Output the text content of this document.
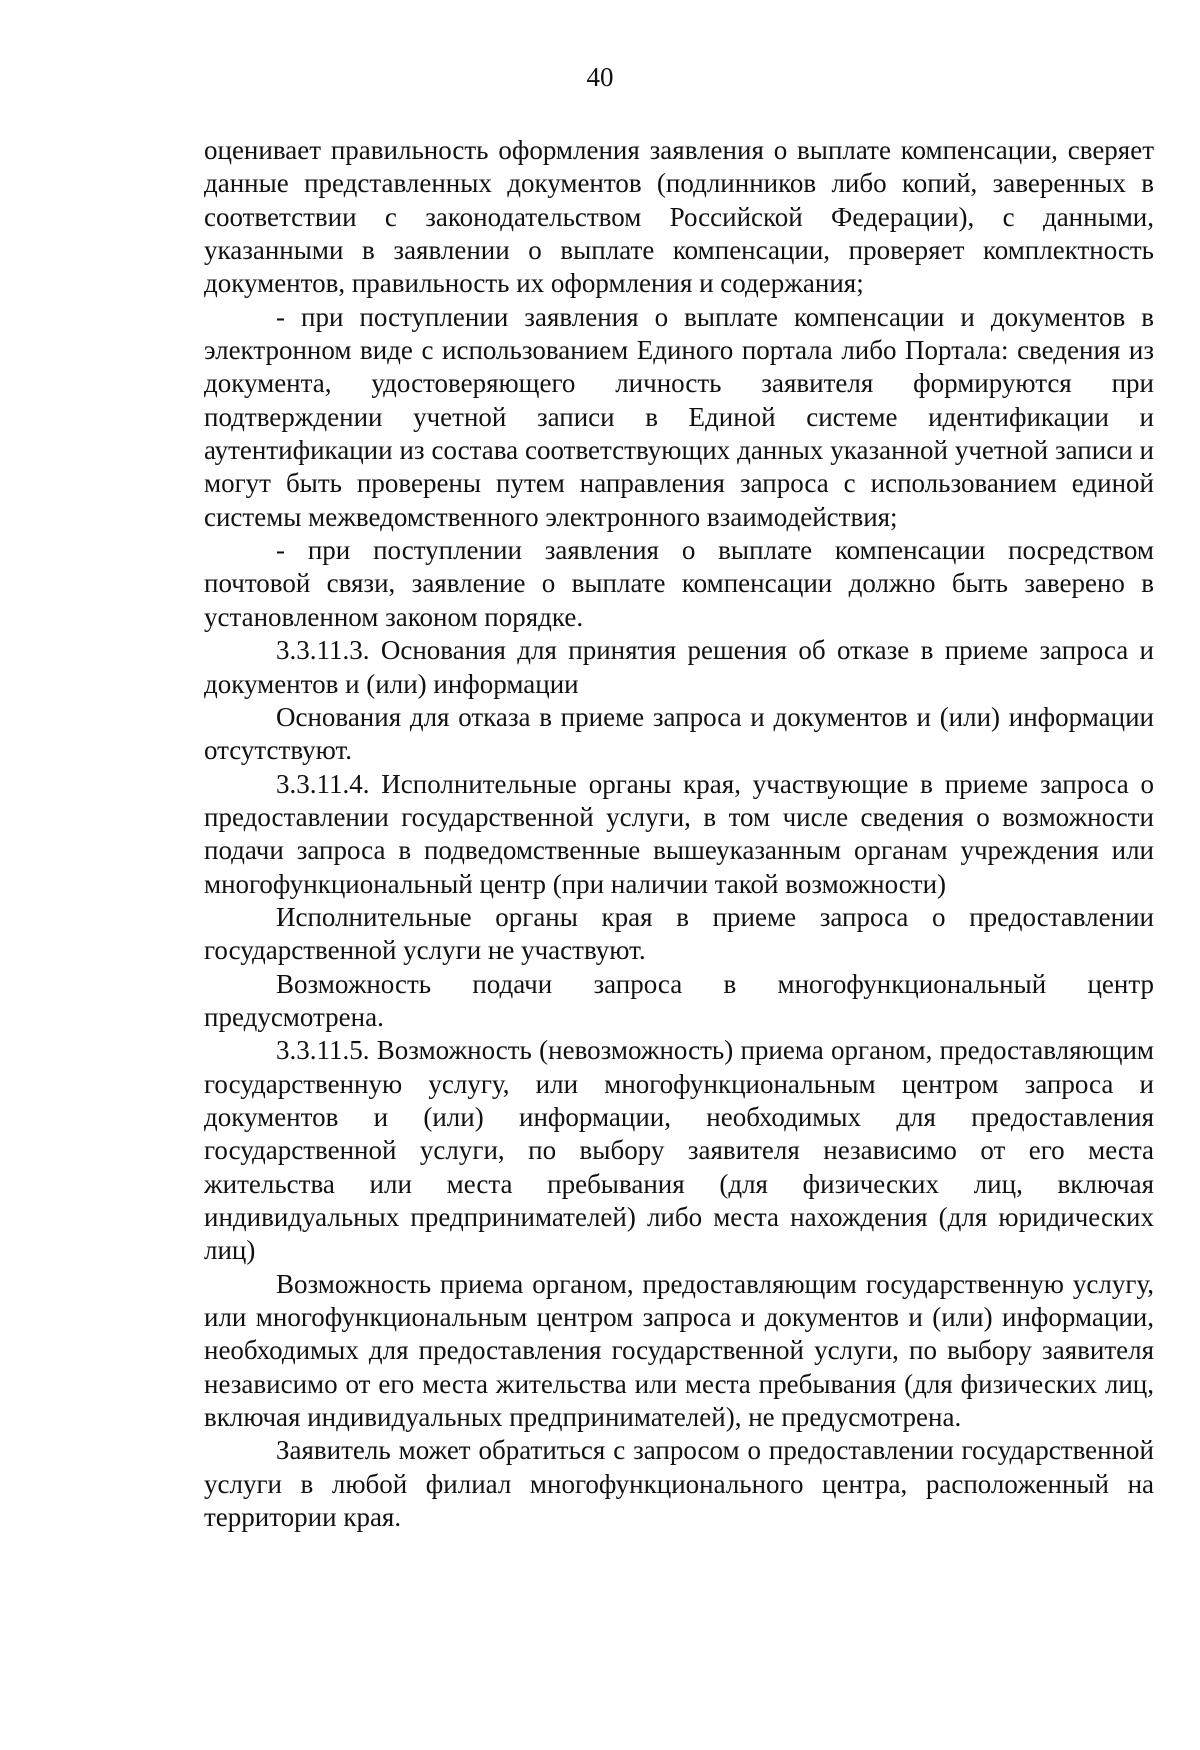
40

оценивает правильность оформления заявления о выплате компенсации, сверяет данные представленных документов (подлинников либо копий, заверенных в соответствии с законодательством Российской Федерации), с данными, указанными в заявлении о выплате компенсации, проверяет комплектность документов, правильность их оформления и содержания;

- при поступлении заявления о выплате компенсации и документов в электронном виде с использованием Единого портала либо Портала: сведения из документа, удостоверяющего личность заявителя формируются при подтверждении учетной записи в Единой системе идентификации и аутентификации из состава соответствующих данных указанной учетной записи и могут быть проверены путем направления запроса с использованием единой системы межведомственного электронного взаимодействия;

- при поступлении заявления о выплате компенсации посредством почтовой связи, заявление о выплате компенсации должно быть заверено в установленном законом порядке.

3.3.11.3. Основания для принятия решения об отказе в приеме запроса и документов и (или) информации

Основания для отказа в приеме запроса и документов и (или) информации отсутствуют.

3.3.11.4. Исполнительные органы края, участвующие в приеме запроса о предоставлении государственной услуги, в том числе сведения о возможности подачи запроса в подведомственные вышеуказанным органам учреждения или многофункциональный центр (при наличии такой возможности)

Исполнительные органы края в приеме запроса о предоставлении государственной услуги не участвуют.

Возможность подачи запроса в многофункциональный центр предусмотрена.

3.3.11.5. Возможность (невозможность) приема органом, предоставляющим государственную услугу, или многофункциональным центром запроса и документов и (или) информации, необходимых для предоставления государственной услуги, по выбору заявителя независимо от его места жительства или места пребывания (для физических лиц, включая индивидуальных предпринимателей) либо места нахождения (для юридических лиц)

Возможность приема органом, предоставляющим государственную услугу, или многофункциональным центром запроса и документов и (или) информации, необходимых для предоставления государственной услуги, по выбору заявителя независимо от его места жительства или места пребывания (для физических лиц, включая индивидуальных предпринимателей), не предусмотрена.

Заявитель может обратиться с запросом о предоставлении государственной услуги в любой филиал многофункционального центра, расположенный на территории края.
